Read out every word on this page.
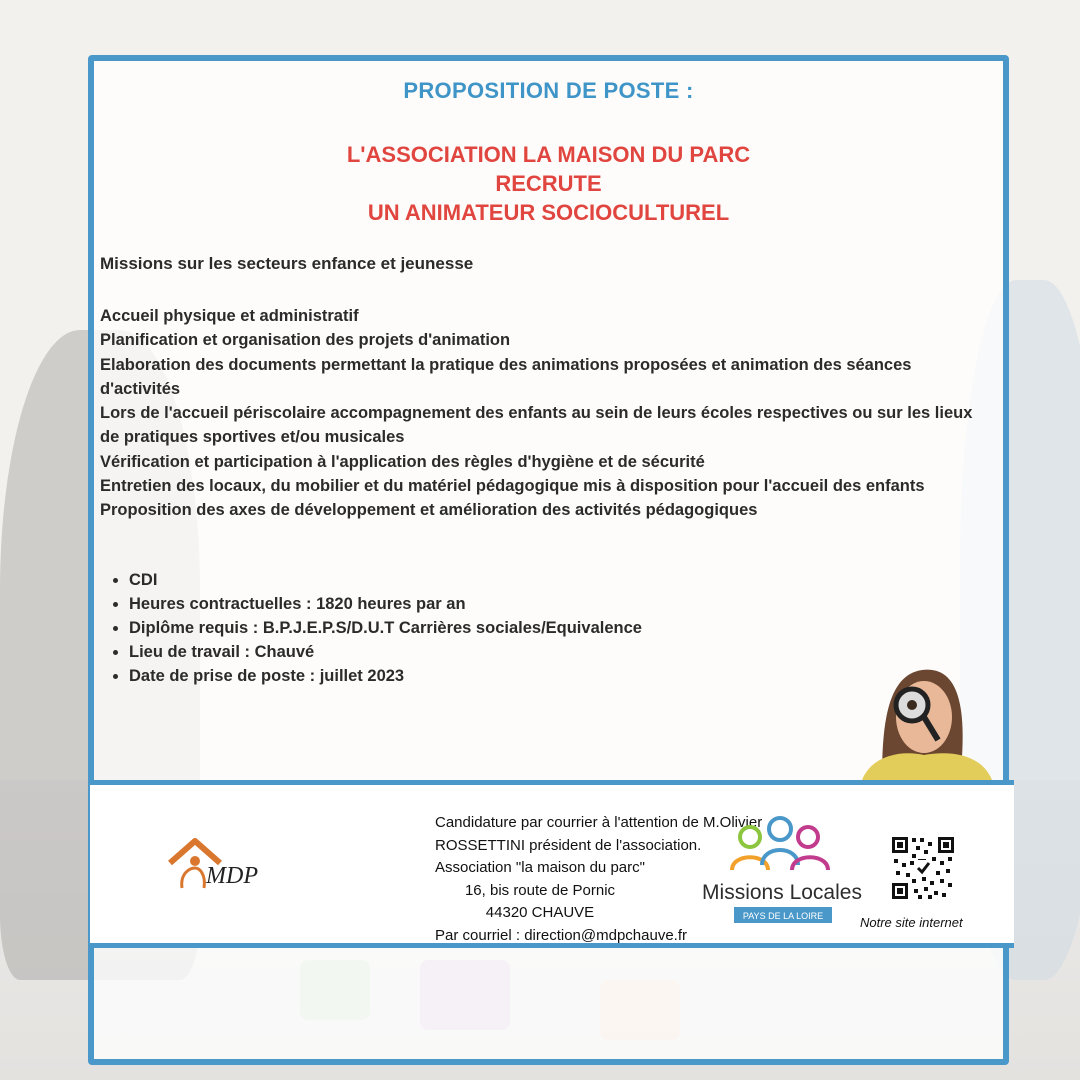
PROPOSITION DE POSTE :
L'ASSOCIATION LA MAISON DU PARC
RECRUTE
UN ANIMATEUR SOCIOCULTUREL
Missions sur les secteurs enfance et jeunesse
Accueil physique et administratif
Planification et organisation des projets d'animation
Elaboration des documents permettant la pratique des animations proposées et animation des séances d'activités
Lors de l'accueil périscolaire accompagnement des enfants au sein de leurs écoles respectives ou sur les lieux de pratiques sportives et/ou musicales
Vérification et participation à l'application des règles d'hygiène et de sécurité
Entretien des locaux, du mobilier et du matériel pédagogique mis à disposition pour l'accueil des enfants
Proposition des axes de développement et amélioration des activités pédagogiques
• CDI
• Heures contractuelles : 1820 heures par an
• Diplôme requis : B.P.J.E.P.S/D.U.T Carrières sociales/Equivalence
• Lieu de travail : Chauvé
• Date de prise de poste : juillet 2023
MDP
Candidature par courrier à l'attention de M.Olivier
ROSSETTINI président de l'association.
Association "la maison du parc"
16, bis route de Pornic
44320 CHAUVE
Par courriel : direction@mdpchauve.fr
Missions Locales
PAYS DE LA LOIRE	Notre site internet
